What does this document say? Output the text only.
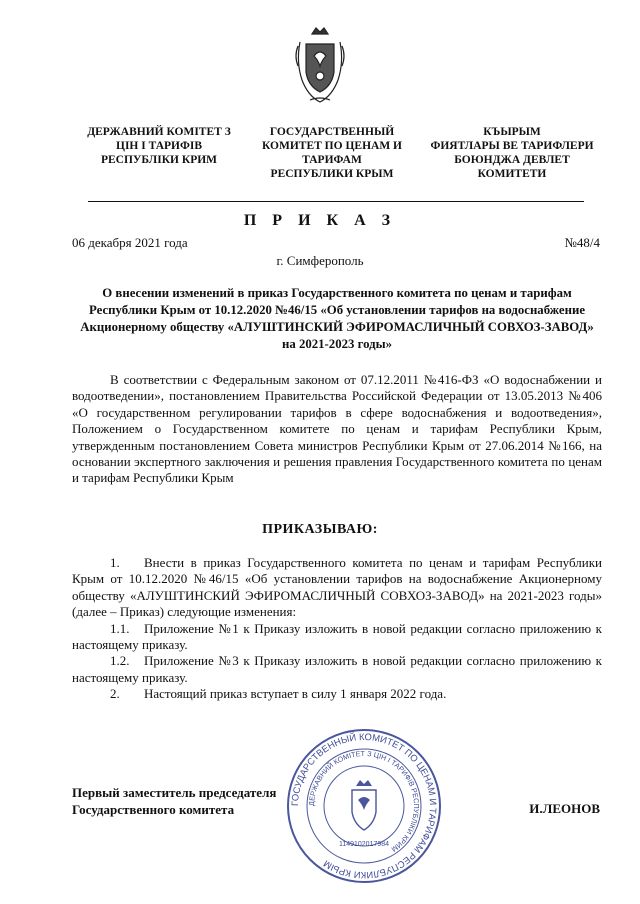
ДЕРЖАВНИЙ КОМІТЕТ З
ЦІН І ТАРИФІВ
РЕСПУБЛІКИ КРИМ
ГОСУДАРСТВЕННЫЙ
КОМИТЕТ ПО ЦЕНАМ И
ТАРИФАМ
РЕСПУБЛИКИ КРЫМ
КЪЫРЫМ
ФИЯТЛАРЫ ВЕ ТАРИФЛЕРИ
БОЮНДЖА ДЕВЛЕТ
КОМИТЕТИ
П Р И К А З
06 декабря 2021 года	№48/4
г. Симферополь
О внесении изменений в приказ Государственного комитета по ценам и тарифам Республики Крым от 10.12.2020 №46/15 «Об установлении тарифов на водоснабжение Акционерному обществу «АЛУШТИНСКИЙ ЭФИРОМАСЛИЧНЫЙ СОВХОЗ-ЗАВОД» на 2021-2023 годы»
В соответствии с Федеральным законом от 07.12.2011 №416-ФЗ «О водоснабжении и водоотведении», постановлением Правительства Российской Федерации от 13.05.2013 №406 «О государственном регулировании тарифов в сфере водоснабжения и водоотведения», Положением о Государственном комитете по ценам и тарифам Республики Крым, утвержденным постановлением Совета министров Республики Крым от 27.06.2014 №166, на основании экспертного заключения и решения правления Государственного комитета по ценам и тарифам Республики Крым
ПРИКАЗЫВАЮ:

1. Внести в приказ Государственного комитета по ценам и тарифам Республики Крым от 10.12.2020 №46/15 «Об установлении тарифов на водоснабжение Акционерному обществу «АЛУШТИНСКИЙ ЭФИРОМАСЛИЧНЫЙ СОВХОЗ-ЗАВОД» на 2021-2023 годы» (далее – Приказ) следующие изменения:

1.1. Приложение №1 к Приказу изложить в новой редакции согласно приложению к настоящему приказу.

1.2. Приложение №3 к Приказу изложить в новой редакции согласно приложению к настоящему приказу.

2. Настоящий приказ вступает в силу 1 января 2022 года.

Первый заместитель председателя
Государственного комитета	И.ЛЕОНОВ
ГОСУДАРСТВЕННЫЙ КОМИТЕТ ПО ЦЕНАМ И ТАРИФАМ РЕСПУБЛИКИ КРЫМ
ДЕРЖАВНИЙ КОМІТЕТ З ЦІН І ТАРИФІВ РЕСПУБЛІКИ КРИМ
1149102017984
